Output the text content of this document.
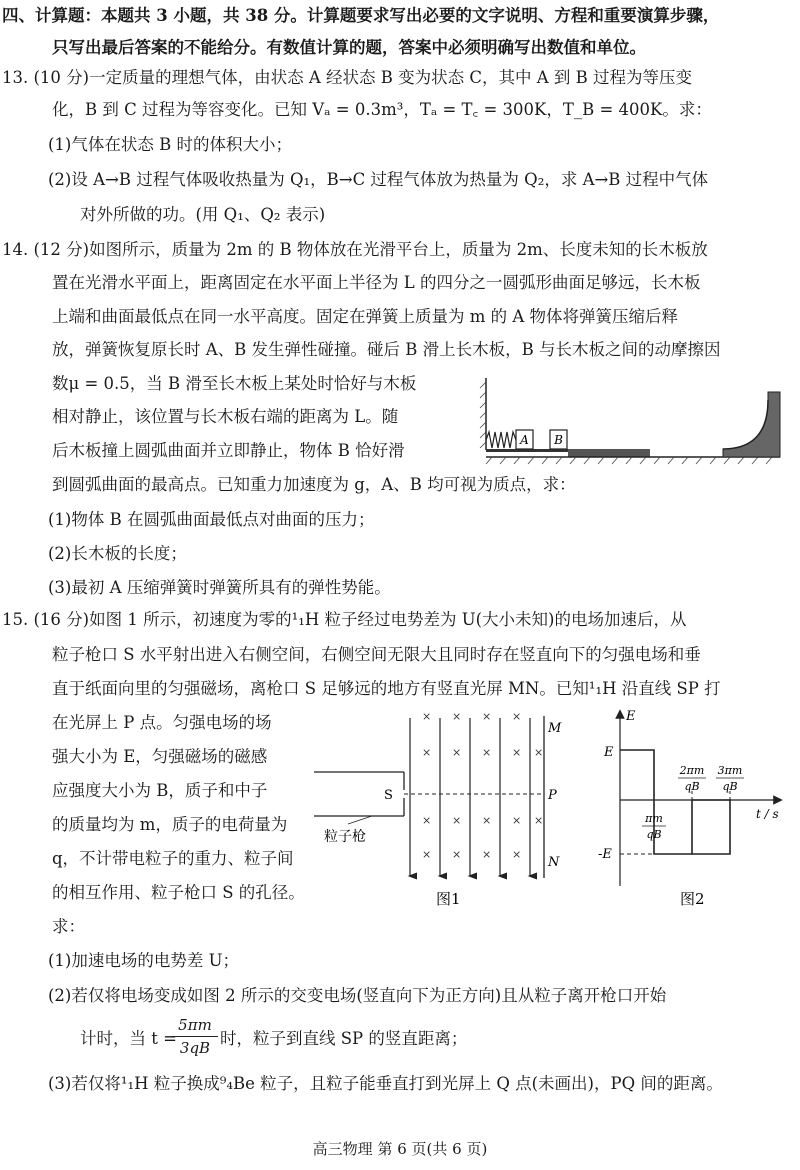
四、计算题：本题共 3 小题，共 38 分。计算题要求写出必要的文字说明、方程和重要演算步骤，
只写出最后答案的不能给分。有数值计算的题，答案中必须明确写出数值和单位。
13. (10 分)一定质量的理想气体，由状态 A 经状态 B 变为状态 C，其中 A 到 B 过程为等压变
化，B 到 C 过程为等容变化。已知 Vₐ = 0.3m³，Tₐ = T꜀ = 300K，T_B = 400K。求：
(1)气体在状态 B 时的体积大小；
(2)设 A→B 过程气体吸收热量为 Q₁，B→C 过程气体放为热量为 Q₂，求 A→B 过程中气体
对外所做的功。(用 Q₁、Q₂ 表示)
14. (12 分)如图所示，质量为 2m 的 B 物体放在光滑平台上，质量为 2m、长度未知的长木板放
置在光滑水平面上，距离固定在水平面上半径为 L 的四分之一圆弧形曲面足够远，长木板
上端和曲面最低点在同一水平高度。固定在弹簧上质量为 m 的 A 物体将弹簧压缩后释
放，弹簧恢复原长时 A、B 发生弹性碰撞。碰后 B 滑上长木板，B 与长木板之间的动摩擦因
数μ = 0.5，当 B 滑至长木板上某处时恰好与木板
相对静止，该位置与长木板右端的距离为 L。随
后木板撞上圆弧曲面并立即静止，物体 B 恰好滑
到圆弧曲面的最高点。已知重力加速度为 g，A、B 均可视为质点，求：
(1)物体 B 在圆弧曲面最低点对曲面的压力；
(2)长木板的长度；
(3)最初 A 压缩弹簧时弹簧所具有的弹性势能。
A B
15. (16 分)如图 1 所示，初速度为零的¹₁H 粒子经过电势差为 U(大小未知)的电场加速后，从
粒子枪口 S 水平射出进入右侧空间，右侧空间无限大且同时存在竖直向下的匀强电场和垂
直于纸面向里的匀强磁场，离枪口 S 足够远的地方有竖直光屏 MN。已知¹₁H 沿直线 SP 打
在光屏上 P 点。匀强电场的场
强大小为 E，匀强磁场的磁感
应强度大小为 B，质子和中子
的质量均为 m，质子的电荷量为
q，不计带电粒子的重力、粒子间
的相互作用、粒子枪口 S 的孔径。
求：
(1)加速电场的电势差 U；
(2)若仅将电场变成如图 2 所示的交变电场(竖直向下为正方向)且从粒子离开枪口开始
计时，当 t =
$\frac{5\pi m}{3qB}$ 时，粒子到直线 SP 的竖直距离；
(3)若仅将¹₁H 粒子换成⁹₄Be 粒子，且粒子能垂直打到光屏上 Q 点(未画出)，PQ 间的距离。
S
粒子枪
M
P
N
× × × ×
× × × ×
× × × ×
× × × ×
×
×
图1
E
t / s
E
-E
πm
qB
2πm
qB
3πm
qB
图2
高三物理 第 6 页(共 6 页)
